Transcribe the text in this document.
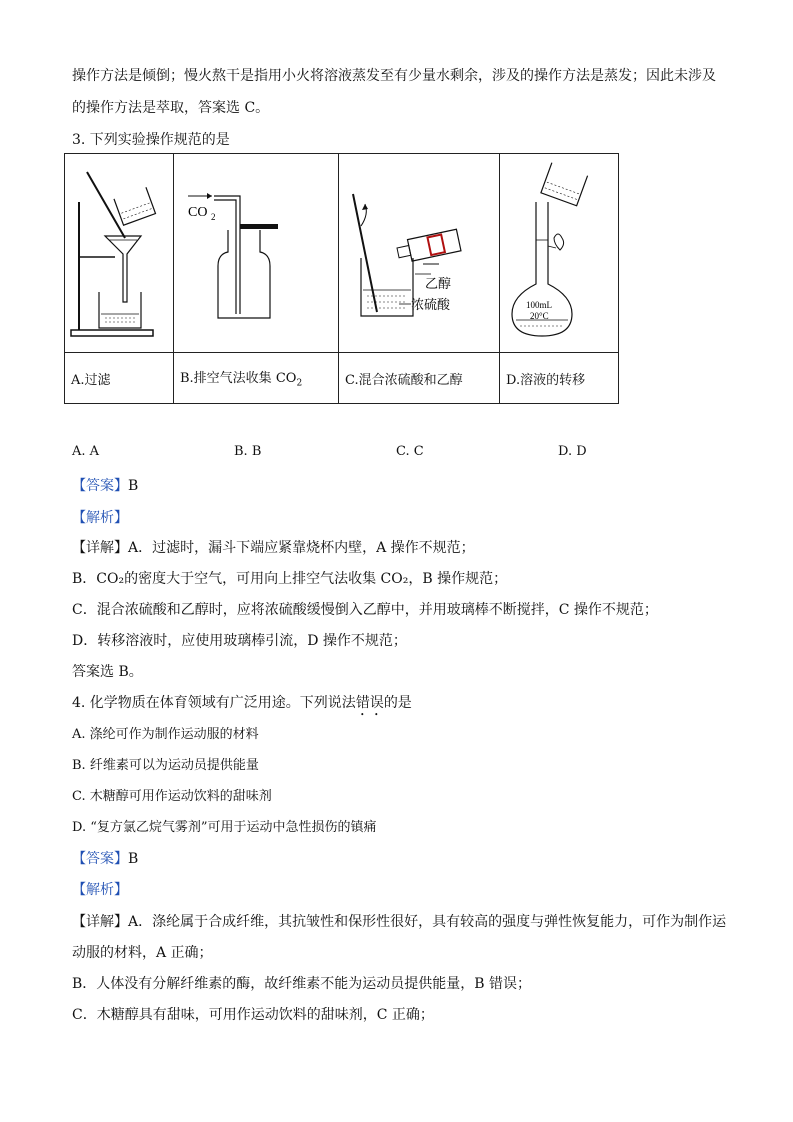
操作方法是倾倒；慢火熬干是指用小火将溶液蒸发至有少量水剩余，涉及的操作方法是蒸发；因此未涉及
的操作方法是萃取，答案选 C。
3. 下列实验操作规范的是

CO 2	乙醇
浓硫酸	100mL
20°C

A.过滤	B.排空气法收集 $CO_2$	C.混合浓硫酸和乙醇	D.溶液的转移
A. A	B. B	C. C	D. D
【答案】B
【解析】
【详解】A．过滤时，漏斗下端应紧靠烧杯内壁，A 操作不规范；
B．CO₂的密度大于空气，可用向上排空气法收集 CO₂，B 操作规范；
C．混合浓硫酸和乙醇时，应将浓硫酸缓慢倒入乙醇中，并用玻璃棒不断搅拌，C 操作不规范；
D．转移溶液时，应使用玻璃棒引流，D 操作不规范；
答案选 B。
4. 化学物质在体育领域有广泛用途。下列说法错误的是
A. 涤纶可作为制作运动服的材料
B. 纤维素可以为运动员提供能量
C. 木糖醇可用作运动饮料的甜味剂
D. “复方氯乙烷气雾剂”可用于运动中急性损伤的镇痛
【答案】B
【解析】
【详解】A．涤纶属于合成纤维，其抗皱性和保形性很好，具有较高的强度与弹性恢复能力，可作为制作运
动服的材料，A 正确；
B．人体没有分解纤维素的酶，故纤维素不能为运动员提供能量，B 错误；
C．木糖醇具有甜味，可用作运动饮料的甜味剂，C 正确；
